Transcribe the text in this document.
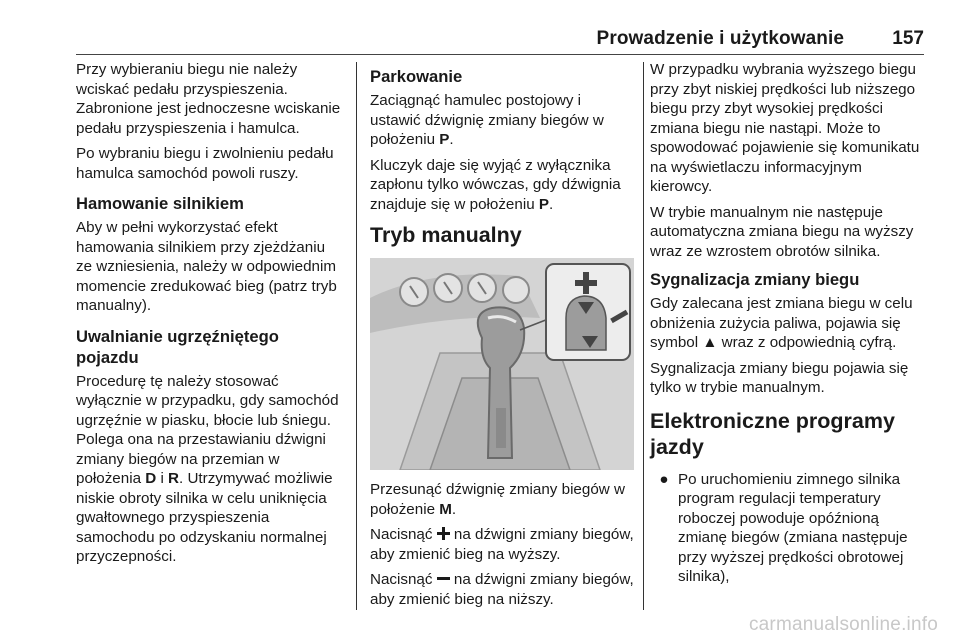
Prowadzenie i użytkowanie	157

Przy wybieraniu biegu nie należy wciskać pedału przyspieszenia. Zabronione jest jednoczesne wciskanie pedału przyspieszenia i hamulca.

Po wybraniu biegu i zwolnieniu pedału hamulca samochód powoli ruszy.

Hamowanie silnikiem

Aby w pełni wykorzystać efekt hamowania silnikiem przy zjeżdżaniu ze wzniesienia, należy w odpowiednim momencie zredukować bieg (patrz tryb manualny).

Uwalnianie ugrzęźniętego pojazdu

Procedurę tę należy stosować wyłącznie w przypadku, gdy samochód ugrzęźnie w piasku, błocie lub śniegu. Polega ona na przestawianiu dźwigni zmiany biegów na przemian w położenia D i R. Utrzymywać możliwie niskie obroty silnika w celu uniknięcia gwałtownego przyspieszenia samochodu po odzyskaniu normalnej przyczepności.

Parkowanie

Zaciągnąć hamulec postojowy i ustawić dźwignię zmiany biegów w położeniu P.

Kluczyk daje się wyjąć z wyłącznika zapłonu tylko wówczas, gdy dźwignia znajduje się w położeniu P.

Tryb manualny

Przesunąć dźwignię zmiany biegów w położenie M.

Nacisnąć  na dźwigni zmiany biegów, aby zmienić bieg na wyższy.

Nacisnąć  na dźwigni zmiany biegów, aby zmienić bieg na niższy.

W przypadku wybrania wyższego biegu przy zbyt niskiej prędkości lub niższego biegu przy zbyt wysokiej prędkości zmiana biegu nie nastąpi. Może to spowodować pojawienie się komunikatu na wyświetlaczu informacyjnym kierowcy.

W trybie manualnym nie następuje automatyczna zmiana biegu na wyższy wraz ze wzrostem obrotów silnika.

Sygnalizacja zmiany biegu

Gdy zalecana jest zmiana biegu w celu obniżenia zużycia paliwa, pojawia się symbol ▲ wraz z odpowiednią cyfrą.

Sygnalizacja zmiany biegu pojawia się tylko w trybie manualnym.

Elektroniczne programy jazdy
● Po uruchomieniu zimnego silnika program regulacji temperatury roboczej powoduje opóźnioną zmianę biegów (zmiana następuje przy wyższej prędkości obrotowej silnika),
carmanualsonline.info
